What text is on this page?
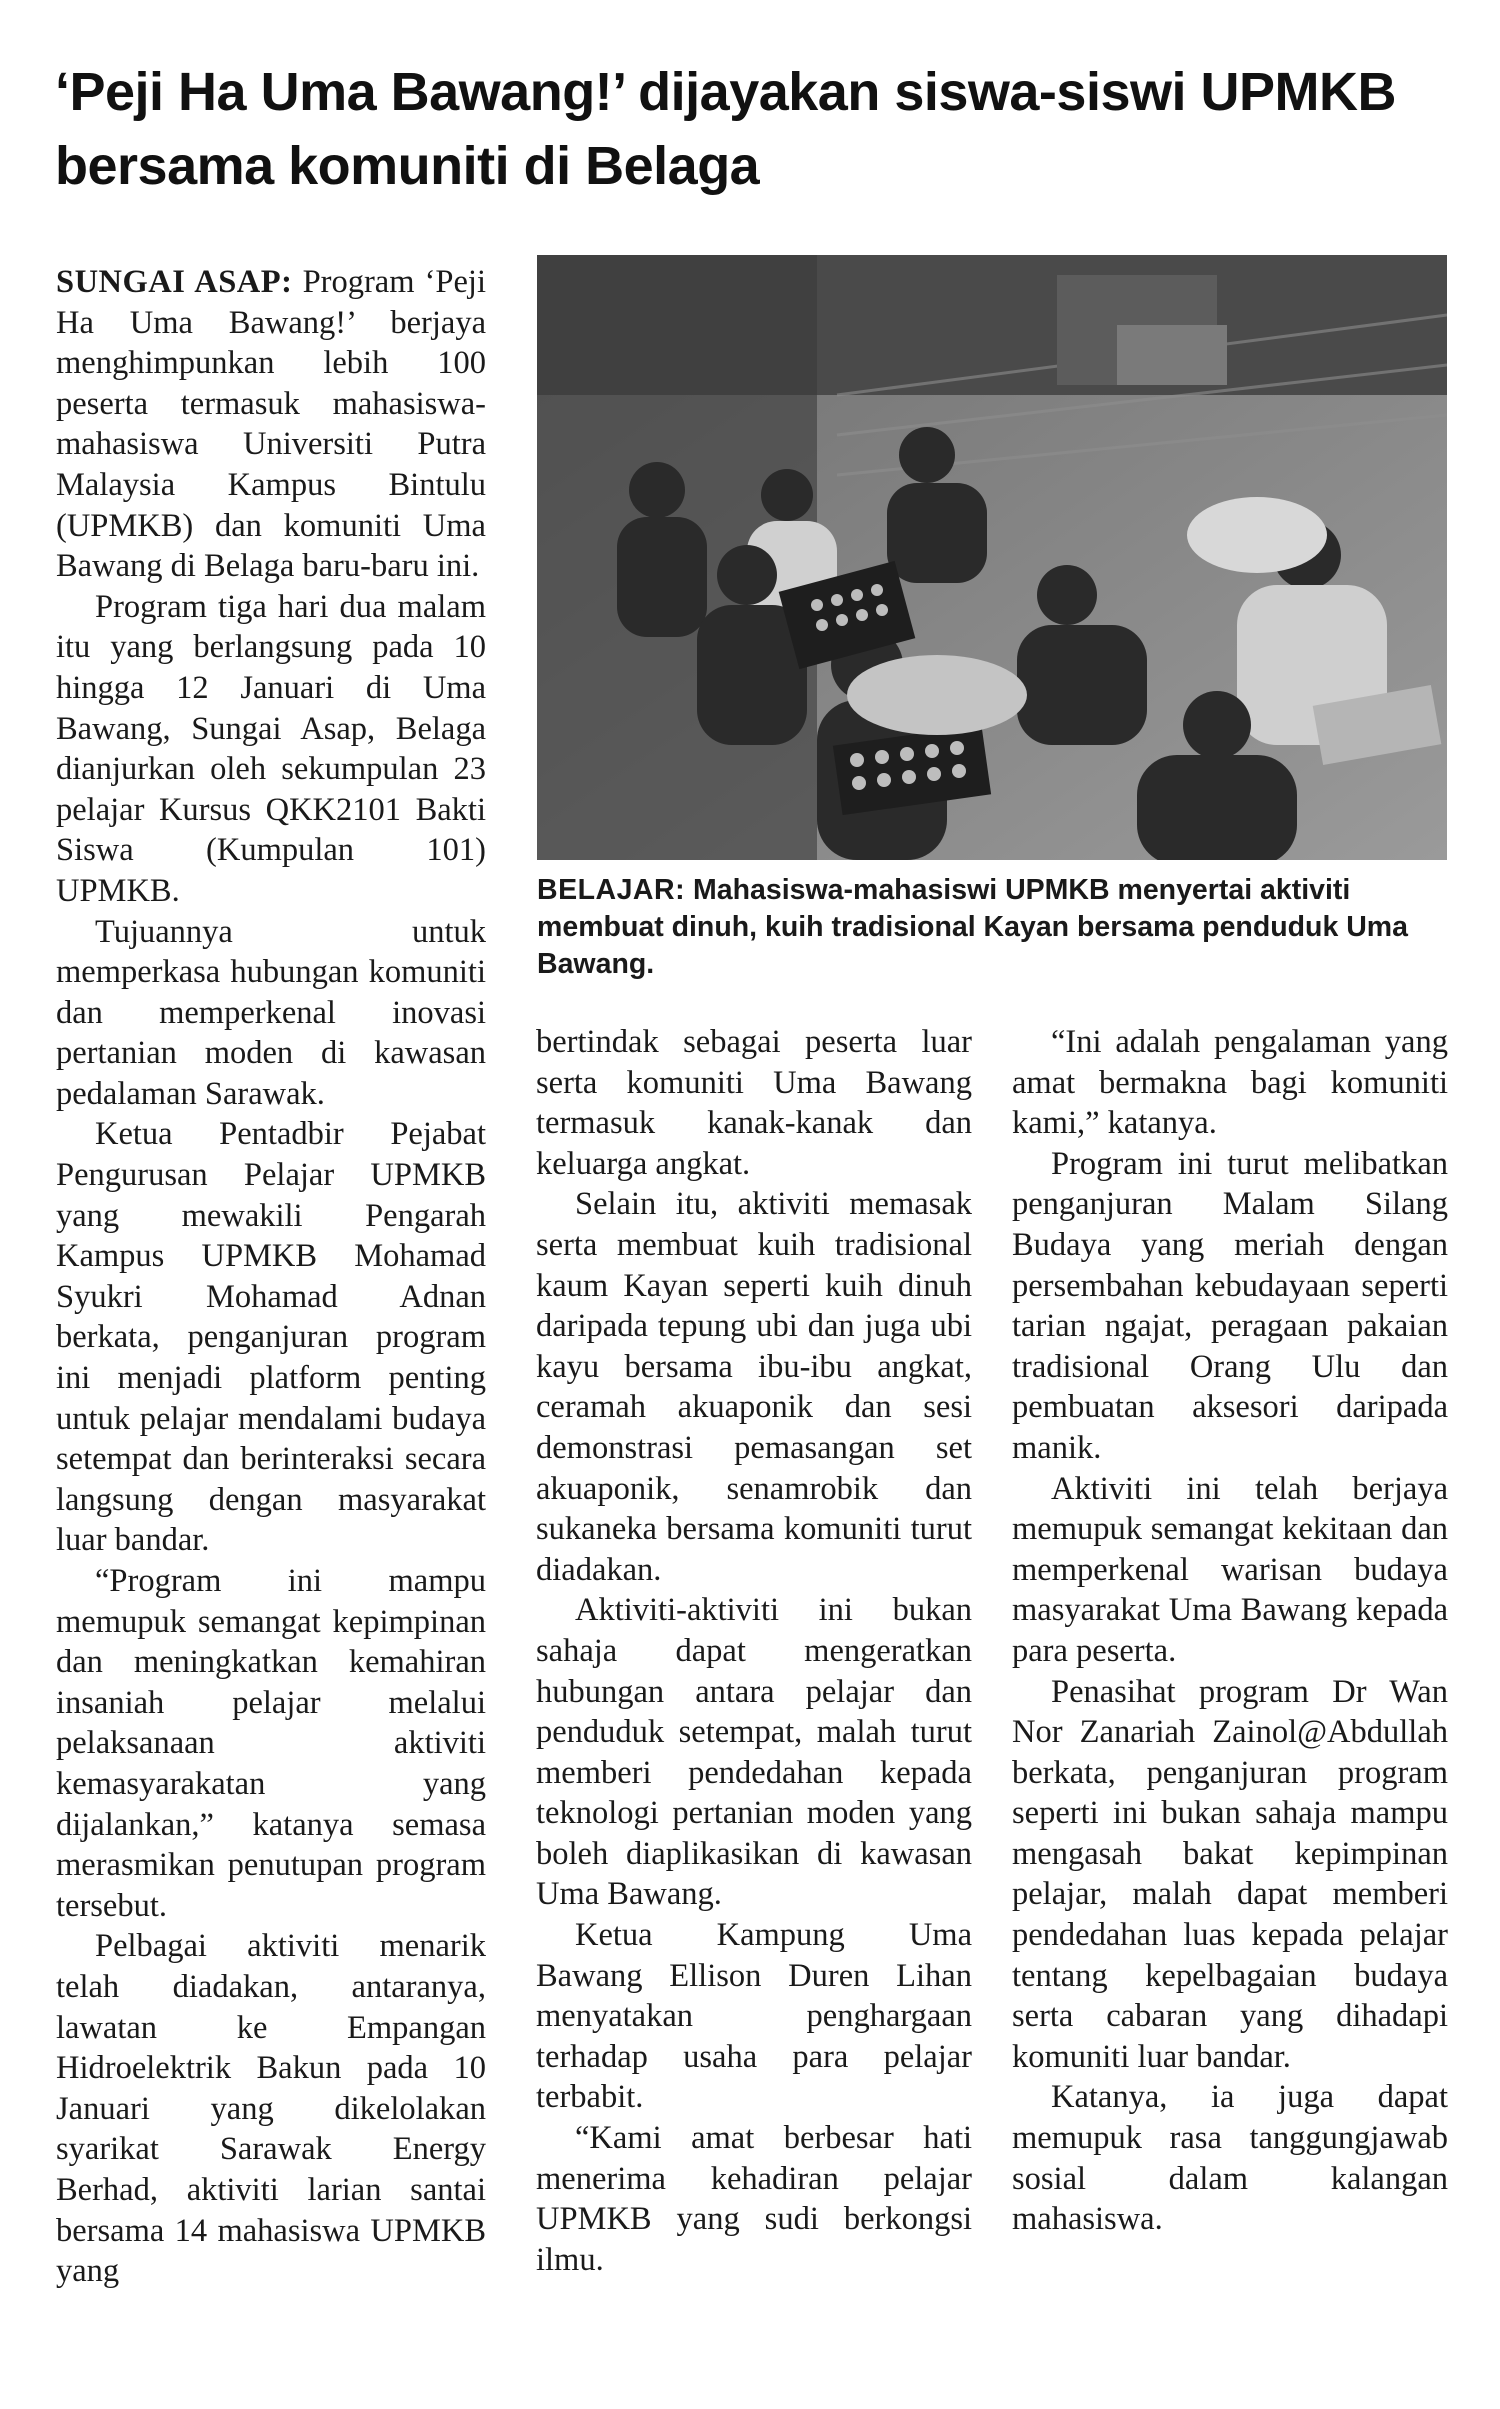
‘Peji Ha Uma Bawang!’ dijayakan siswa-siswi UPMKB bersama komuniti di Belaga

SUNGAI ASAP: Program ‘Peji Ha Uma Bawang!’ berjaya menghimpunkan lebih 100 peserta termasuk mahasiswa-mahasiswa Universiti Putra Malaysia Kampus Bintulu (UPMKB) dan komuniti Uma Bawang di Belaga baru-baru ini.

Program tiga hari dua malam itu yang berlangsung pada 10 hingga 12 Januari di Uma Bawang, Sungai Asap, Belaga dianjurkan oleh sekumpulan 23 pelajar Kursus QKK2101 Bakti Siswa (Kumpulan 101) UPMKB.

Tujuannya untuk memperkasa hubungan komuniti dan memperkenal inovasi pertanian moden di kawasan pedalaman Sarawak.

Ketua Pentadbir Pejabat Pengurusan Pelajar UPMKB yang mewakili Pengarah Kampus UPMKB Mohamad Syukri Mohamad Adnan berkata, penganjuran program ini menjadi platform penting untuk pelajar mendalami budaya setempat dan berinteraksi secara langsung dengan masyarakat luar bandar.

“Program ini mampu memupuk semangat kepimpinan dan meningkatkan kemahiran insaniah pelajar melalui pelaksanaan aktiviti kemasyarakatan yang dijalankan,” katanya semasa merasmikan penutupan program tersebut.

Pelbagai aktiviti menarik telah diadakan, antaranya, lawatan ke Empangan Hidroelektrik Bakun pada 10 Januari yang dikelolakan syarikat Sarawak Energy Berhad, aktiviti larian santai bersama 14 mahasiswa UPMKB yang

BELAJAR: Mahasiswa-mahasiswi UPMKB menyertai aktiviti membuat dinuh, kuih tradisional Kayan bersama penduduk Uma Bawang.

bertindak sebagai peserta luar serta komuniti Uma Bawang termasuk kanak-kanak dan keluarga angkat.

Selain itu, aktiviti memasak serta membuat kuih tradisional kaum Kayan seperti kuih dinuh daripada tepung ubi dan juga ubi kayu bersama ibu-ibu angkat, ceramah akuaponik dan sesi demonstrasi pemasangan set akuaponik, senamrobik dan sukaneka bersama komuniti turut diadakan.

Aktiviti-aktiviti ini bukan sahaja dapat mengeratkan hubungan antara pelajar dan penduduk setempat, malah turut memberi pendedahan kepada teknologi pertanian moden yang boleh diaplikasikan di kawasan Uma Bawang.

Ketua Kampung Uma Bawang Ellison Duren Lihan menyatakan penghargaan terhadap usaha para pelajar terbabit.

“Kami amat berbesar hati menerima kehadiran pelajar UPMKB yang sudi berkongsi ilmu.

“Ini adalah pengalaman yang amat bermakna bagi komuniti kami,” katanya.

Program ini turut melibatkan penganjuran Malam Silang Budaya yang meriah dengan persembahan kebudayaan seperti tarian ngajat, peragaan pakaian tradisional Orang Ulu dan pembuatan aksesori daripada manik.

Aktiviti ini telah berjaya memupuk semangat kekitaan dan memperkenal warisan budaya masyarakat Uma Bawang kepada para peserta.

Penasihat program Dr Wan Nor Zanariah Zainol@Abdullah berkata, penganjuran program seperti ini bukan sahaja mampu mengasah bakat kepimpinan pelajar, malah dapat memberi pendedahan luas kepada pelajar tentang kepelbagaian budaya serta cabaran yang dihadapi komuniti luar bandar.

Katanya, ia juga dapat memupuk rasa tanggungjawab sosial dalam kalangan mahasiswa.
